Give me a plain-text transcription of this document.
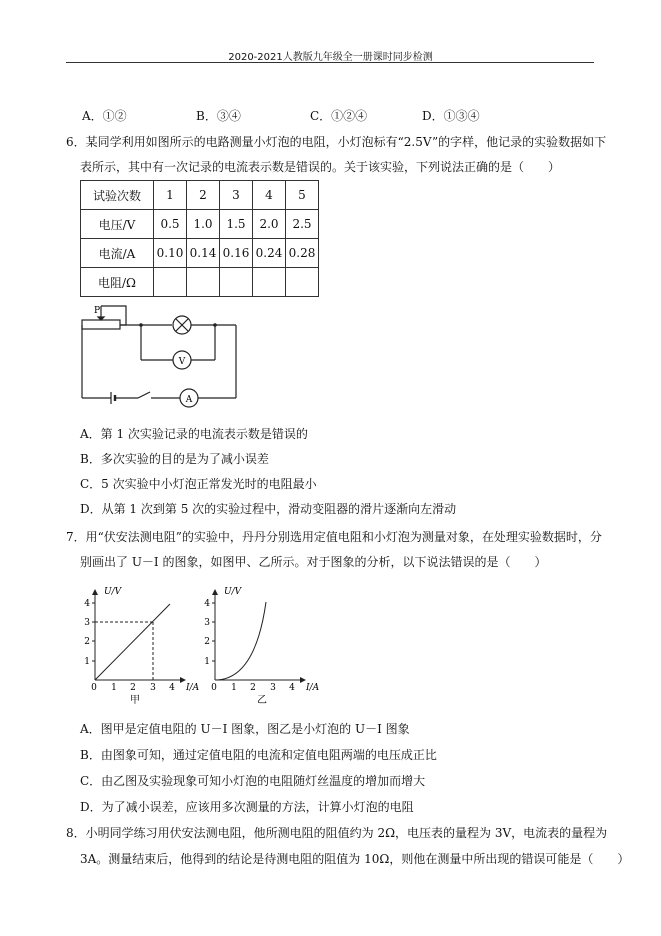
2020-2021人教版九年级全一册课时同步检测
A．①②	B．③④	C．①②④	D．①③④
6．某同学利用如图所示的电路测量小灯泡的电阻，小灯泡标有“2.5V”的字样，他记录的实验数据如下
表所示，其中有一次记录的电流表示数是错误的。关于该实验，下列说法正确的是（　　）
试验次数	1	2	3	4	5
电压/V	0.5	1.0	1.5	2.0	2.5
电流/A	0.10	0.14	0.16	0.24	0.28
电阻/Ω					
P
V
A
A．第 1 次实验记录的电流表示数是错误的
B．多次实验的目的是为了减小误差
C．5 次实验中小灯泡正常发光时的电阻最小
D．从第 1 次到第 5 次的实验过程中，滑动变阻器的滑片逐渐向左滑动
7．用“伏安法测电阻”的实验中，丹丹分别选用定值电阻和小灯泡为测量对象，在处理实验数据时，分
别画出了 U－I 的图象，如图甲、乙所示。对于图象的分析，以下说法错误的是（　　）
U/V
I/A
1
2
3
4
0 1 2 3 4
甲
U/V
I/A
1
2
3
4
0 1 2 3 4
乙
A．图甲是定值电阻的 U－I 图象，图乙是小灯泡的 U－I 图象
B．由图象可知，通过定值电阻的电流和定值电阻两端的电压成正比
C．由乙图及实验现象可知小灯泡的电阻随灯丝温度的增加而增大
D．为了减小误差，应该用多次测量的方法，计算小灯泡的电阻
8．小明同学练习用伏安法测电阻，他所测电阻的阻值约为 2Ω，电压表的量程为 3V，电流表的量程为
3A。测量结束后，他得到的结论是待测电阻的阻值为 10Ω，则他在测量中所出现的错误可能是（　　）
